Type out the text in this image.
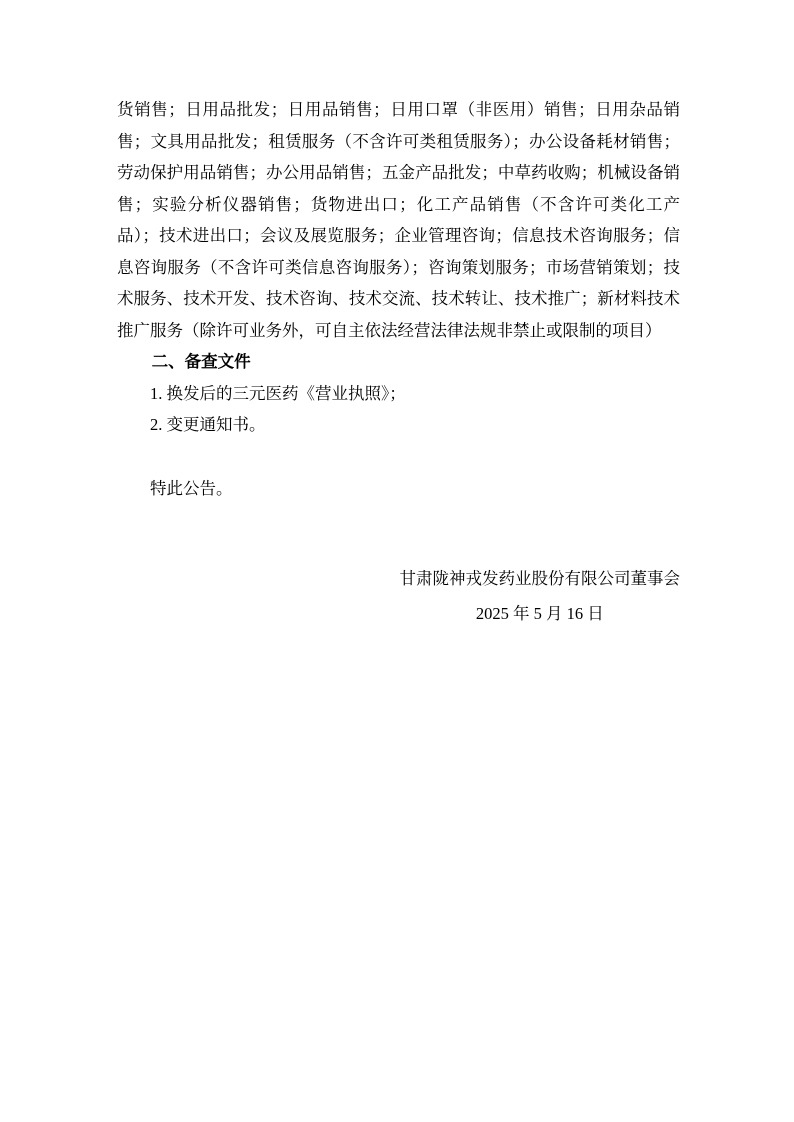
货销售；日用品批发；日用品销售；日用口罩（非医用）销售；日用杂品销售；文具用品批发；租赁服务（不含许可类租赁服务）；办公设备耗材销售；劳动保护用品销售；办公用品销售；五金产品批发；中草药收购；机械设备销售；实验分析仪器销售；货物进出口；化工产品销售（不含许可类化工产品）；技术进出口；会议及展览服务；企业管理咨询；信息技术咨询服务；信息咨询服务（不含许可类信息咨询服务）；咨询策划服务；市场营销策划；技术服务、技术开发、技术咨询、技术交流、技术转让、技术推广；新材料技术推广服务（除许可业务外，可自主依法经营法律法规非禁止或限制的项目）

二、备查文件

1. 换发后的三元医药《营业执照》；

2. 变更通知书。

特此公告。

甘肃陇神戎发药业股份有限公司董事会
2025 年 5 月 16 日
